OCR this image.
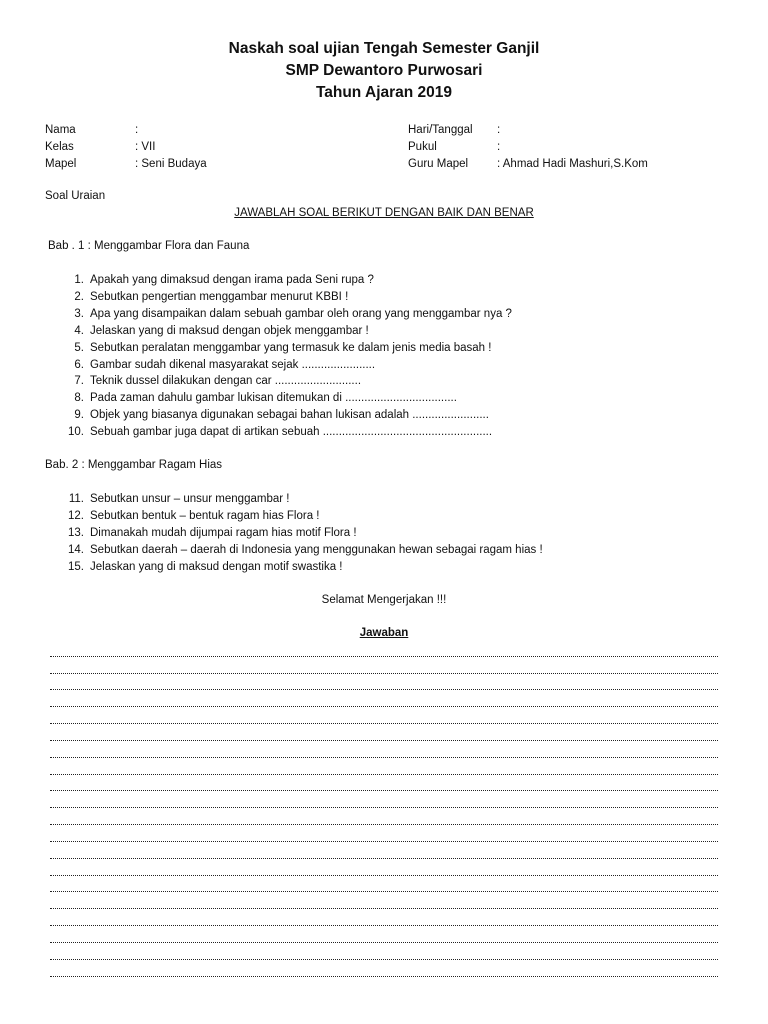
Naskah soal ujian Tengah Semester Ganjil
SMP Dewantoro Purwosari
Tahun Ajaran 2019
Nama	:
Kelas	: VII
Mapel	: Seni Budaya
Hari/Tanggal	:
Pukul	:
Guru Mapel	: Ahmad Hadi Mashuri,S.Kom
Soal Uraian
JAWABLAH SOAL BERIKUT DENGAN BAIK DAN BENAR
Bab . 1 : Menggambar Flora dan Fauna
1. Apakah yang dimaksud dengan irama pada Seni rupa ?
2. Sebutkan pengertian menggambar menurut KBBI !
3. Apa yang disampaikan dalam sebuah gambar oleh orang yang menggambar nya ?
4. Jelaskan yang di maksud dengan objek menggambar !
5. Sebutkan peralatan menggambar yang termasuk ke dalam jenis media basah !
6. Gambar sudah dikenal masyarakat sejak .......................
7. Teknik dussel dilakukan dengan car ...........................
8. Pada zaman dahulu gambar lukisan ditemukan di ...................................
9. Objek yang biasanya digunakan sebagai bahan lukisan adalah ........................
10. Sebuah gambar juga dapat di artikan sebuah .....................................................
Bab. 2 : Menggambar Ragam Hias
11. Sebutkan unsur – unsur menggambar !
12. Sebutkan bentuk – bentuk ragam hias Flora !
13. Dimanakah mudah dijumpai ragam hias motif Flora !
14. Sebutkan daerah – daerah di Indonesia yang menggunakan hewan sebagai ragam hias !
15. Jelaskan yang di maksud dengan motif swastika !
Selamat Mengerjakan !!!
Jawaban
